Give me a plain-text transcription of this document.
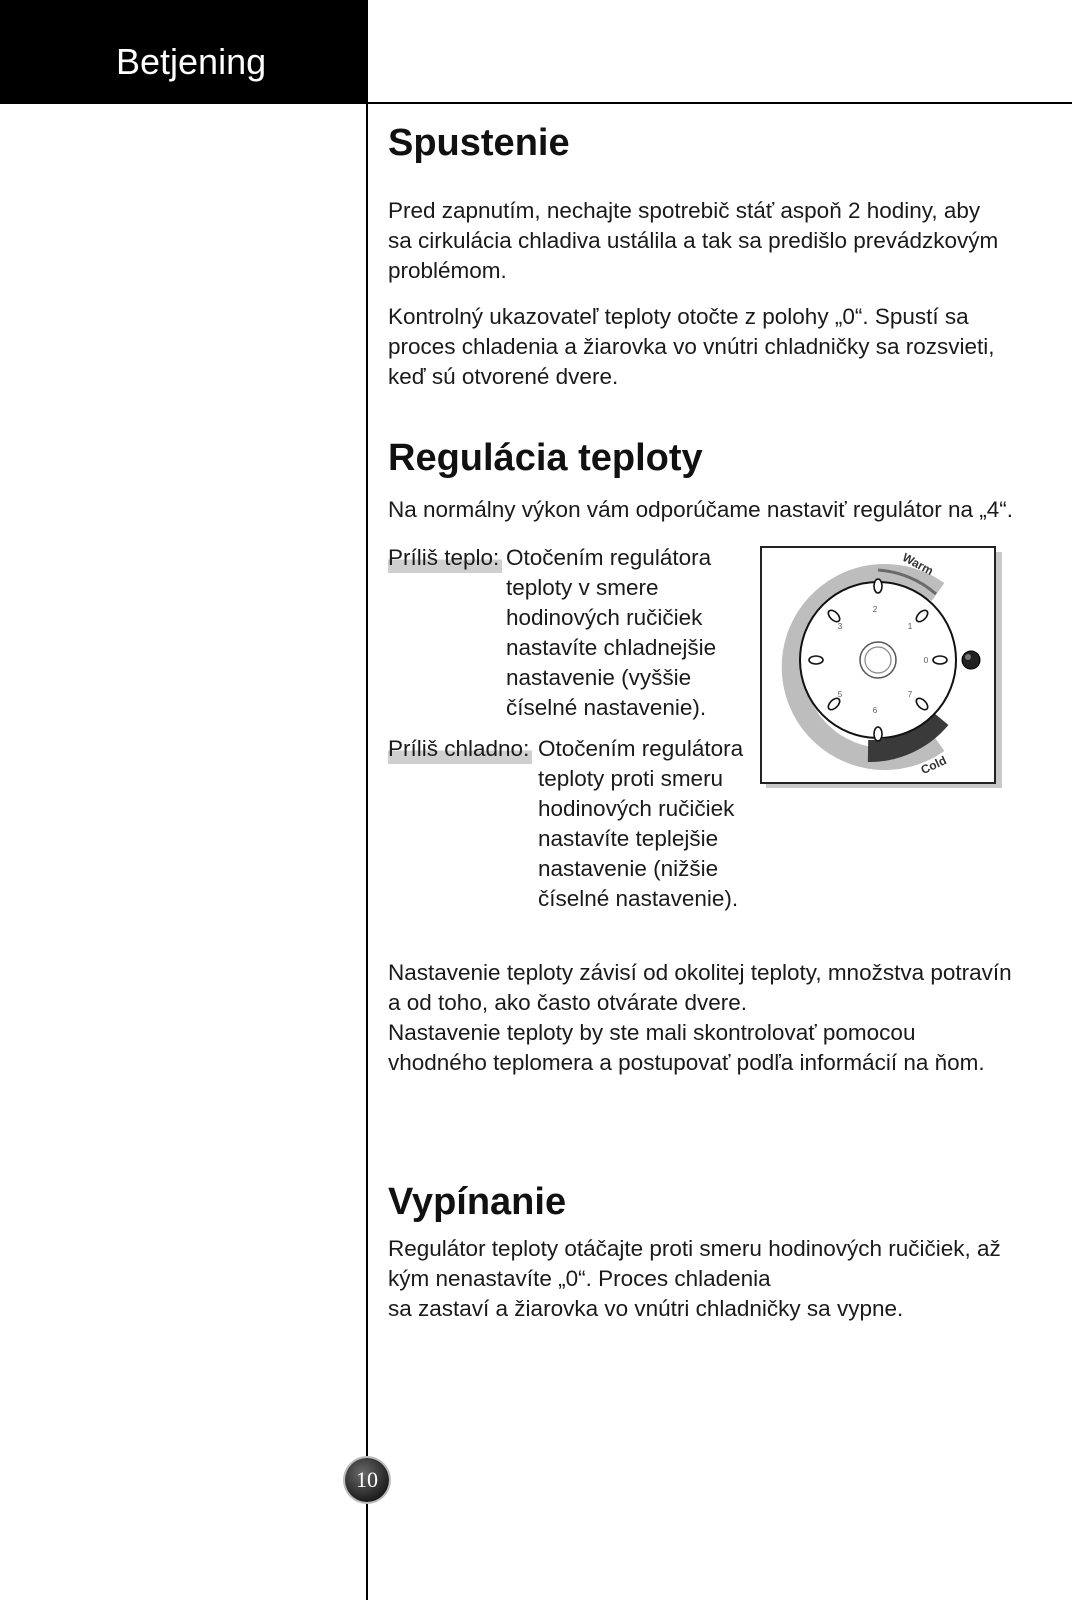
Betjening
Spustenie

Pred zapnutím, nechajte spotrebič stáť aspoň 2 hodiny, aby

sa cirkulácia chladiva ustálila a tak sa predišlo prevádzkovým

problémom.

Kontrolný ukazovateľ teploty otočte z polohy „0“. Spustí sa

proces chladenia a žiarovka vo vnútri chladničky sa rozsvieti,

keď sú otvorené dvere.

Regulácia teploty

Na normálny výkon vám odporúčame nastaviť regulátor na „4“.

Príliš teplo: Otočením regulátora
teploty v smere
hodinových ručičiek
nastavíte chladnejšie
nastavenie (vyššie
číselné nastavenie).
Príliš chladno: Otočením regulátora
teploty proti smeru
hodinových ručičiek
nastavíte teplejšie
nastavenie (nižšie
číselné nastavenie).
2
3	1
0
5
6
7
Warm
Cold

Nastavenie teploty závisí od okolitej teploty, množstva potravín

a od toho, ako často otvárate dvere.

Nastavenie teploty by ste mali skontrolovať pomocou

vhodného teplomera a postupovať podľa informácií na ňom.

Vypínanie

Regulátor teploty otáčajte proti smeru hodinových ručičiek, až

kým nenastavíte „0“. Proces chladenia

sa zastaví a žiarovka vo vnútri chladničky sa vypne.

10
